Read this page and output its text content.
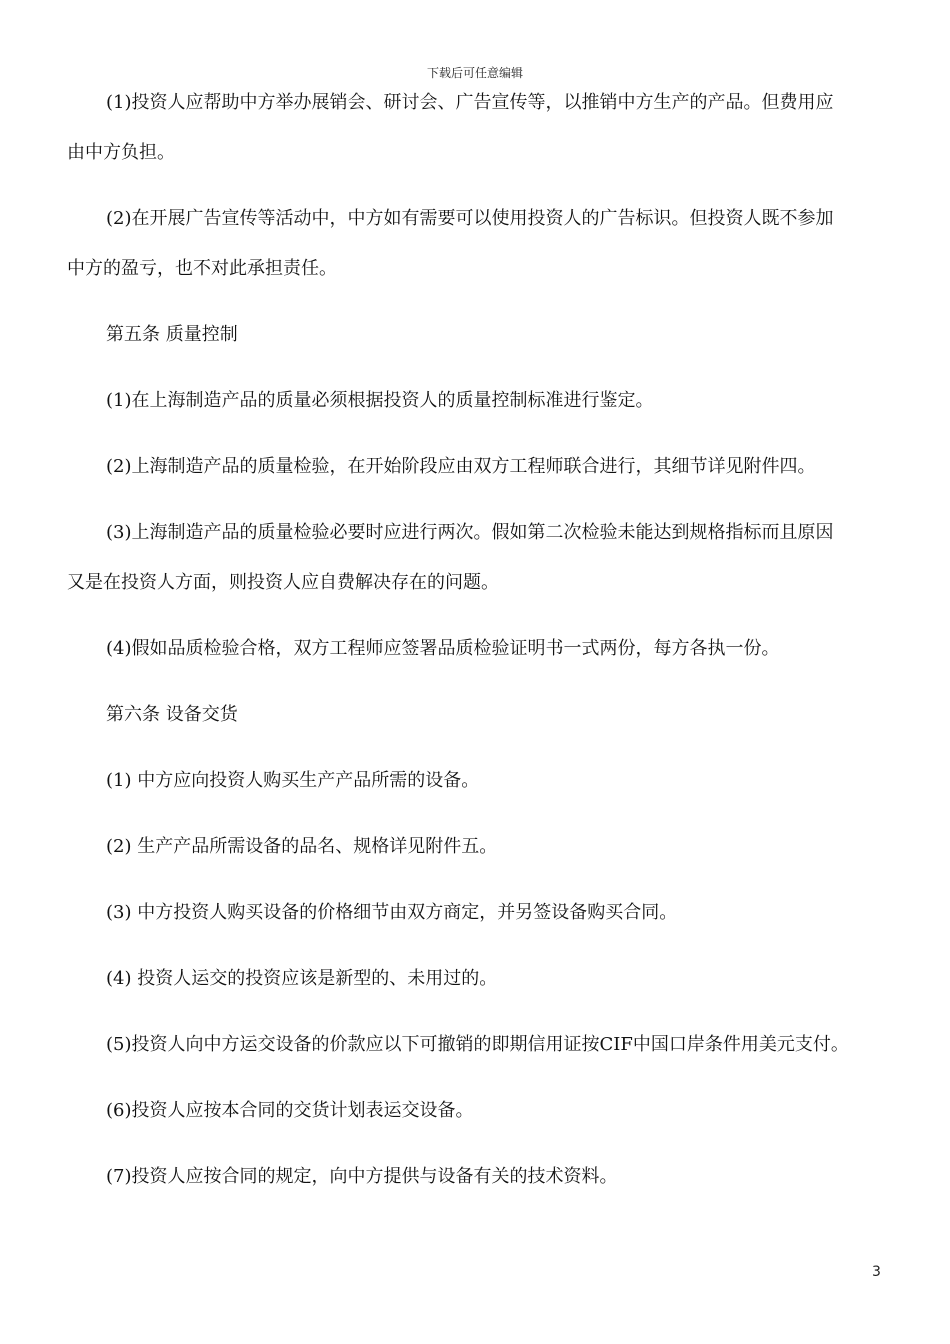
下载后可任意编辑
(1)投资人应帮助中方举办展销会、研讨会、广告宣传等，以推销中方生产的产品。但费用应
由中方负担。
(2)在开展广告宣传等活动中，中方如有需要可以使用投资人的广告标识。但投资人既不参加
中方的盈亏，也不对此承担责任。
第五条 质量控制
(1)在上海制造产品的质量必须根据投资人的质量控制标准进行鉴定。
(2)上海制造产品的质量检验，在开始阶段应由双方工程师联合进行，其细节详见附件四。
(3)上海制造产品的质量检验必要时应进行两次。假如第二次检验未能达到规格指标而且原因
又是在投资人方面，则投资人应自费解决存在的问题。
(4)假如品质检验合格，双方工程师应签署品质检验证明书一式两份，每方各执一份。
第六条 设备交货
(1) 中方应向投资人购买生产产品所需的设备。
(2) 生产产品所需设备的品名、规格详见附件五。
(3) 中方投资人购买设备的价格细节由双方商定，并另签设备购买合同。
(4) 投资人运交的投资应该是新型的、未用过的。
(5)投资人向中方运交设备的价款应以下可撤销的即期信用证按CIF中国口岸条件用美元支付。
(6)投资人应按本合同的交货计划表运交设备。
(7)投资人应按合同的规定，向中方提供与设备有关的技术资料。
3
